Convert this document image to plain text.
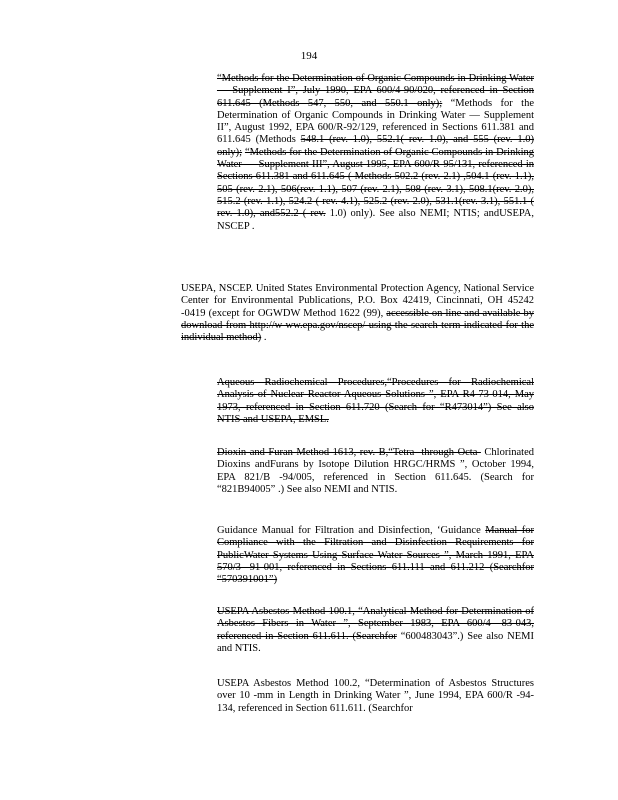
194

“Methods for the Determination of Organic Compounds in Drinking Water — Supplement I”, July 1990, EPA 600/4-90/020, referenced in Section 611.645 (Methods 547, 550, and 550.1 only); “Methods for the Determination of Organic Compounds in Drinking Water — Supplement II”, August 1992, EPA 600/R-92/129, referenced in Sections 611.381 and 611.645 (Methods 548.1 (rev. 1.0), 552.1( rev. 1.0), and 555 (rev. 1.0) only); “Methods for the Determination of Organic Compounds in Drinking Water — Supplement III”, August 1995, EPA 600/R-95/131, referenced in Sections 611.381 and 611.645 ( Methods 502.2 (rev. 2.1) ,504.1 (rev. 1.1), 505 (rev. 2.1), 506(rev. 1.1), 507 (rev. 2.1), 508 (rev. 3.1), 508.1(rev. 2.0), 515.2 (rev. 1.1), 524.2 ( rev. 4.1), 525.2 (rev. 2.0), 531.1(rev. 3.1), 551.1 ( rev. 1.0), and552.2 ( rev. 1.0) only). See also NEMI; NTIS; andUSEPA, NSCEP .

USEPA, NSCEP. United States Environmental Protection Agency, National Service Center for Environmental Publications, P.O. Box 42419, Cincinnati, OH 45242 -0419 (except for OGWDW Method 1622 (99), accessible on line and available by download from http://w ww.epa.gov/nscep/ using the search term indicated for the individual method) .

Aqueous Radiochemical Procedures,“Procedures for Radiochemical Analysis of Nuclear Reactor Aqueous Solutions ”, EPA R4-73-014, May 1973, referenced in Section 611.720 (Search for “R473014”) See also NTIS and USEPA, EMSL.

Dioxin and Furan Method 1613, rev. B,“Tetra- through Octa- Chlorinated Dioxins andFurans by Isotope Dilution HRGC/HRMS ”, October 1994, EPA 821/B -94/005, referenced in Section 611.645. (Search for “821B94005” .) See also NEMI and NTIS.

Guidance Manual for Filtration and Disinfection, ‘Guidance Manual for Compliance with the Filtration and Disinfection Requirements for PublicWater Systems Using Surface Water Sources ”, March 1991, EPA 570/3 -91-001, referenced in Sections 611.111 and 611.212 (Searchfor “570391001”)

USEPA Asbestos Method 100.1, “Analytical Method for Determination of Asbestos Fibers in Water ”, September 1983, EPA 600/4 -83-043, referenced in Section 611.611. (Searchfor “600483043”.) See also NEMI and NTIS.

USEPA Asbestos Method 100.2, “Determination of Asbestos Structures over 10 -mm in Length in Drinking Water ”, June 1994, EPA 600/R -94-134, referenced in Section 611.611. (Searchfor
